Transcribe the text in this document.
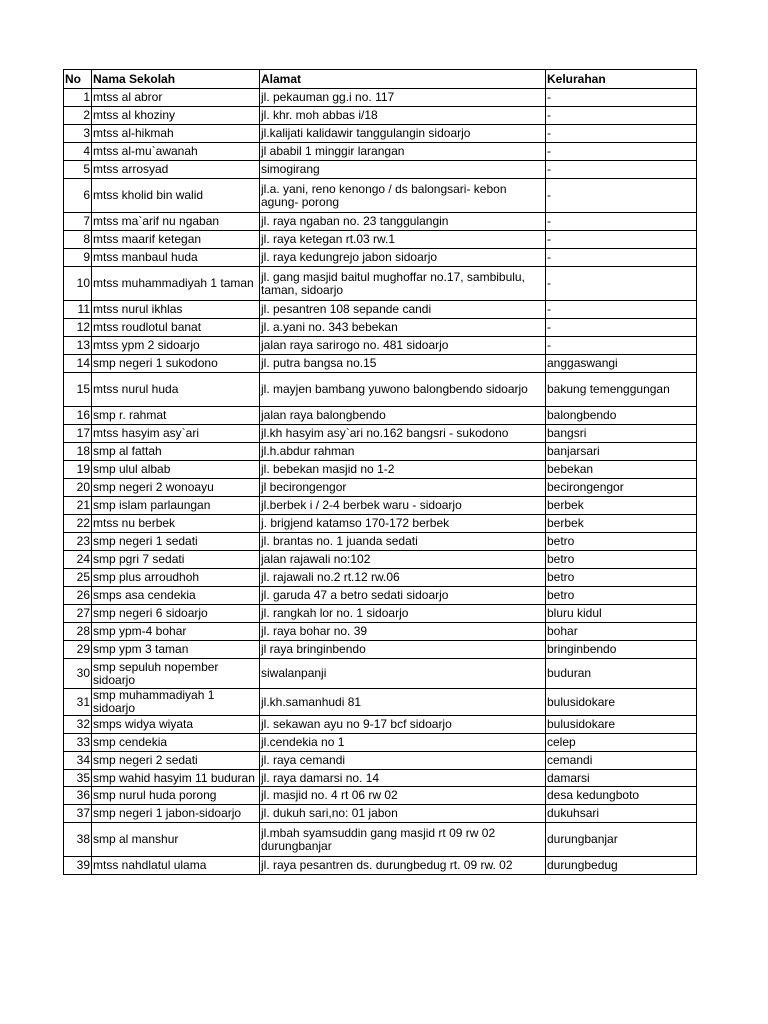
No	Nama Sekolah	Alamat	Kelurahan
1	mtss al abror	jl. pekauman gg.i no. 117	-
2	mtss al khoziny	jl. khr. moh abbas i/18	-
3	mtss al-hikmah	jl.kalijati kalidawir tanggulangin sidoarjo	-
4	mtss al-mu`awanah	jl ababil 1 minggir larangan	-
5	mtss arrosyad	simogirang	-
6	mtss kholid bin walid	jl.a. yani, reno kenongo / ds balongsari- kebon agung- porong	-
7	mtss ma`arif nu ngaban	jl. raya ngaban no. 23 tanggulangin	-
8	mtss maarif ketegan	jl. raya ketegan rt.03 rw.1	-
9	mtss manbaul huda	jl. raya kedungrejo jabon sidoarjo	-
10	mtss muhammadiyah 1 taman	jl. gang masjid baitul mughoffar no.17, sambibulu, taman, sidoarjo	-
11	mtss nurul ikhlas	jl. pesantren 108 sepande candi	-
12	mtss roudlotul banat	jl. a.yani no. 343 bebekan	-
13	mtss ypm 2 sidoarjo	jalan raya sarirogo no. 481 sidoarjo	-
14	smp negeri 1 sukodono	jl. putra bangsa no.15	anggaswangi
15	mtss nurul huda	jl. mayjen bambang yuwono balongbendo sidoarjo	bakung temenggungan
16	smp r. rahmat	jalan raya balongbendo	balongbendo
17	mtss hasyim asy`ari	jl.kh hasyim asy`ari no.162 bangsri - sukodono	bangsri
18	smp al fattah	jl.h.abdur rahman	banjarsari
19	smp ulul albab	jl. bebekan masjid no 1-2	bebekan
20	smp negeri 2 wonoayu	jl becirongengor	becirongengor
21	smp islam parlaungan	jl.berbek i / 2-4 berbek waru - sidoarjo	berbek
22	mtss nu berbek	j. brigjend katamso 170-172 berbek	berbek
23	smp negeri 1 sedati	jl. brantas no. 1 juanda sedati	betro
24	smp pgri 7 sedati	jalan rajawali no:102	betro
25	smp plus arroudhoh	jl. rajawali no.2 rt.12 rw.06	betro
26	smps asa cendekia	jl. garuda 47 a betro sedati sidoarjo	betro
27	smp negeri 6 sidoarjo	jl. rangkah lor no. 1 sidoarjo	bluru kidul
28	smp ypm-4 bohar	jl. raya bohar no. 39	bohar
29	smp ypm 3 taman	jl raya bringinbendo	bringinbendo
30	smp sepuluh nopember sidoarjo	siwalanpanji	buduran
31	smp muhammadiyah 1 sidoarjo	jl.kh.samanhudi 81	bulusidokare
32	smps widya wiyata	jl. sekawan ayu no 9-17 bcf sidoarjo	bulusidokare
33	smp cendekia	jl.cendekia no 1	celep
34	smp negeri 2 sedati	jl. raya cemandi	cemandi
35	smp wahid hasyim 11 buduran	jl. raya damarsi no. 14	damarsi
36	smp nurul huda porong	jl. masjid no. 4 rt 06 rw 02	desa kedungboto
37	smp negeri 1 jabon-sidoarjo	jl. dukuh sari,no: 01 jabon	dukuhsari
38	smp al manshur	jl.mbah syamsuddin gang masjid rt 09 rw 02 durungbanjar	durungbanjar
39	mtss nahdlatul ulama	jl. raya pesantren ds. durungbedug rt. 09 rw. 02	durungbedug
